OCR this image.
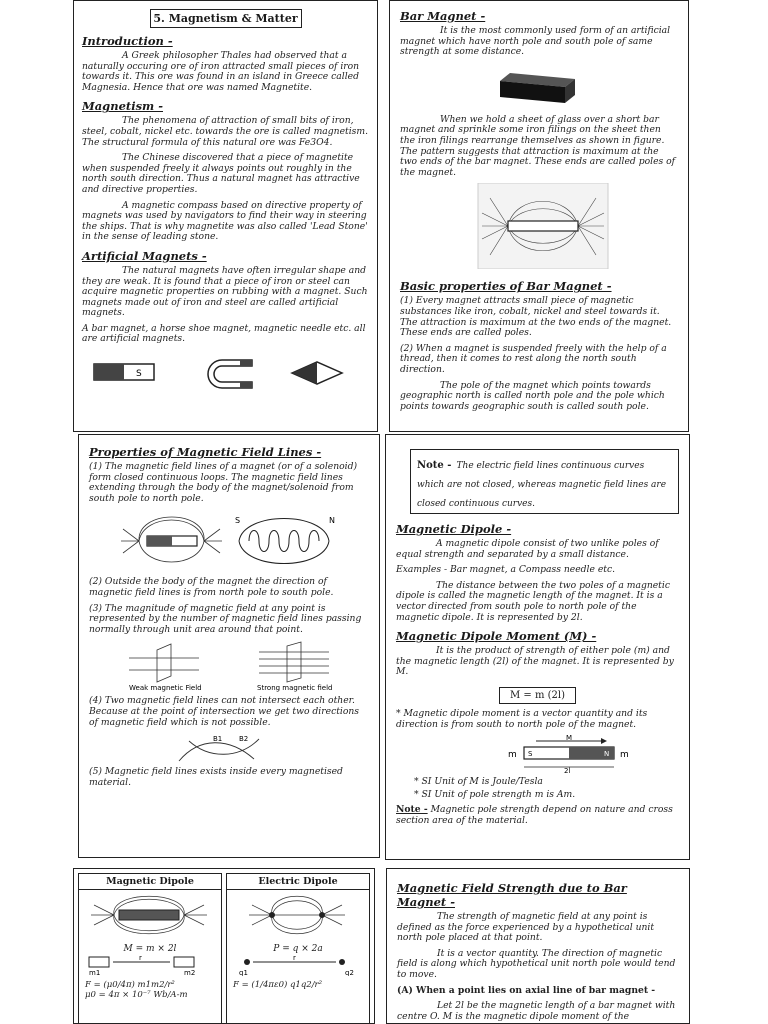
5. Magnetism & Matter
Introduction -

A Greek philosopher Thales had observed that a naturally occuring ore of iron attracted small pieces of iron towards it. This ore was found in an island in Greece called Magnesia. Hence that ore was named Magnetite.

Magnetism -

The phenomena of attraction of small bits of iron, steel, cobalt, nickel etc. towards the ore is called magnetism. The structural formula of this natural ore was Fe3O4.

The Chinese discovered that a piece of magnetite when suspended freely it always points out roughly in the north south direction. Thus a natural magnet has attractive and directive properties.

A magnetic compass based on directive property of magnets was used by navigators to find their way in steering the ships. That is why magnetite was also called 'Lead Stone' in the sense of leading stone.

Artificial Magnets -

The natural magnets have often irregular shape and they are weak. It is found that a piece of iron or steel can acquire magnetic properties on rubbing with a magnet. Such magnets made out of iron and steel are called artificial magnets.

A bar magnet, a horse shoe magnet, magnetic needle etc. all are artificial magnets.

S
Bar Magnet -

It is the most commonly used form of an artificial magnet which have north pole and south pole of same strength at some distance.

When we hold a sheet of glass over a short bar magnet and sprinkle some iron filings on the sheet then the iron filings rearrange themselves as shown in figure. The pattern suggests that attraction is maximum at the two ends of the bar magnet. These ends are called poles of the magnet.

Basic properties of Bar Magnet -

(1) Every magnet attracts small piece of magnetic substances like iron, cobalt, nickel and steel towards it. The attraction is maximum at the two ends of the magnet. These ends are called poles.

(2) When a magnet is suspended freely with the help of a thread, then it comes to rest along the north south direction.

The pole of the magnet which points towards geographic north is called north pole and the pole which points towards geographic south is called south pole.

Properties of Magnetic Field Lines -

(1) The magnetic field lines of a magnet (or of a solenoid) form closed continuous loops. The magnetic field lines extending through the body of the magnet/solenoid from south pole to north pole.

S	N

(2) Outside the body of the magnet the direction of magnetic field lines is from north pole to south pole.

(3) The magnitude of magnetic field at any point is represented by the number of magnetic field lines passing normally through unit area around that point.

Weak magnetic Field	Strong magnetic field

(4) Two magnetic field lines can not intersect each other. Because at the point of intersection we get two directions of magnetic field which is not possible.

B1 B2

(5) Magnetic field lines exists inside every magnetised material.

Note - The electric field lines continuous curves which are not closed, whereas magnetic field lines are closed continuous curves.
Magnetic Dipole -

A magnetic dipole consist of two unlike poles of equal strength and separated by a small distance.

Examples - Bar magnet, a Compass needle etc.

The distance between the two poles of a magnetic dipole is called the magnetic length of the magnet. It is a vector directed from south pole to north pole of the magnetic dipole. It is represented by 2l.

Magnetic Dipole Moment (M) -

It is the product of strength of either pole (m) and the magnetic length (2l) of the magnet. It is represented by M.

M = m (2l)

* Magnetic dipole moment is a vector quantity and its direction is from south to north pole of the magnet.

m	m
S	N
2l
M

* SI Unit of M is Joule/Tesla

* SI Unit of pole strength m is Am.

Note - Magnetic pole strength depend on nature and cross section area of the material.

Magnetic Dipole
M = m × 2l
m1	m2
r
F = (μ0/4π) m1m2/r²
μ0 = 4π × 10⁻⁷ Wb/A-m
Electric Dipole
P = q × 2a
q1	q2
r
F = (1/4πε0) q1q2/r²
Magnetic Field Strength due to Bar Magnet -

The strength of magnetic field at any point is defined as the force experienced by a hypothetical unit north pole placed at that point.

It is a vector quantity. The direction of magnetic field is along which hypothetical unit north pole would tend to move.

(A) When a point lies on axial line of bar magnet -

Let 2l be the magnetic length of a bar magnet with centre O. M is the magnetic dipole moment of the
